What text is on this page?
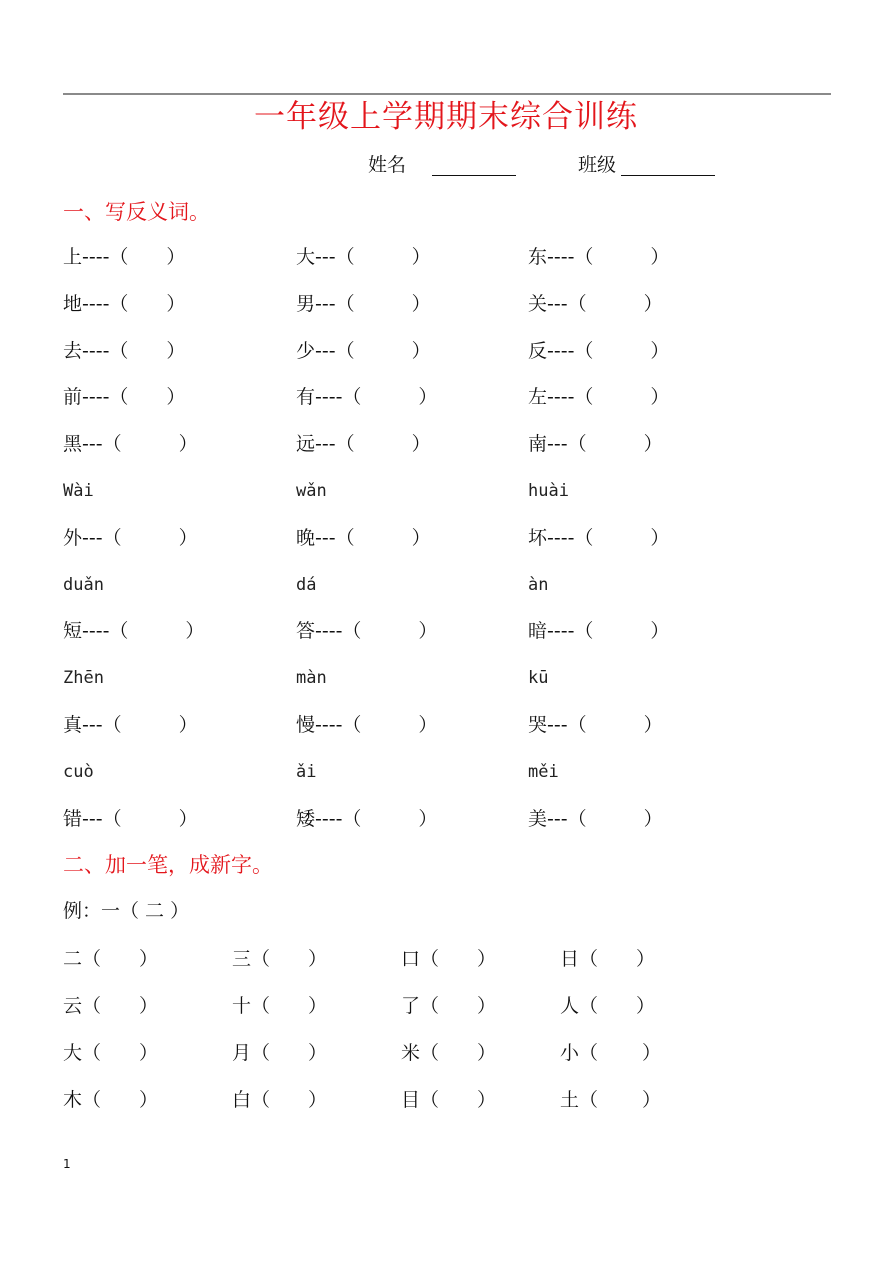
一年级上学期期末综合训练
姓名	班级
一、写反义词。
上----（　　）	大---（　　　）	东----（　　　）
地----（　　）	男---（　　　）	关---（　　　）
去----（　　）	少---（　　　）	反----（　　　）
前----（　　）	有----（　　　）	左----（　　　）
黑---（　　　）	远---（　　　）	南---（　　　）
Wài	wǎn	huài
外---（　　　）	晚---（　　　）	坏----（　　　）
duǎn	dá	àn
短----（　　　）	答----（　　　）	暗----（　　　）
Zhēn	màn	kū
真---（　　　）	慢----（　　　）	哭---（　　　）
cuò	ǎi	měi
错---（　　　）	矮----（　　　）	美---（　　　）
二、加一笔，成新字。
例：一（ 二 ）
二（　　）	三（　　）	口（　　）	日（　　）
云（　　）	十（　　）	了（　　）	人（　　）
大（　　）	月（　　）	米（　　）	小（　　 ）
木（　　）	白（　　）	目（　　）	土（　　 ）
1
